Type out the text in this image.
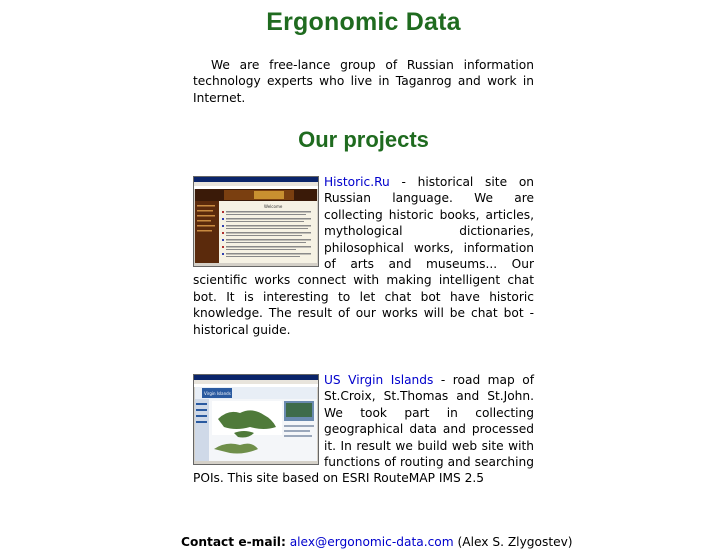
Ergonomic Data
We are free-lance group of Russian information technology experts who live in Taganrog and work in Internet.
Our projects
Welcome
Historic.Ru - historical site on Russian language. We are collecting historic books, articles, mythological dictionaries, philosophical works, information of arts and museums... Our scientific works connect with making intelligent chat bot. It is interesting to let chat bot have historic knowledge. The result of our works will be chat bot - historical guide.
Virgin Islands
US Virgin Islands - road map of St.Croix, St.Thomas and St.John. We took part in collecting geographical data and processed it. In result we build web site with functions of routing and searching POIs. This site based on ESRI RouteMAP IMS 2.5
Contact e-mail: alex@ergonomic-data.com (Alex S. Zlygostev)
